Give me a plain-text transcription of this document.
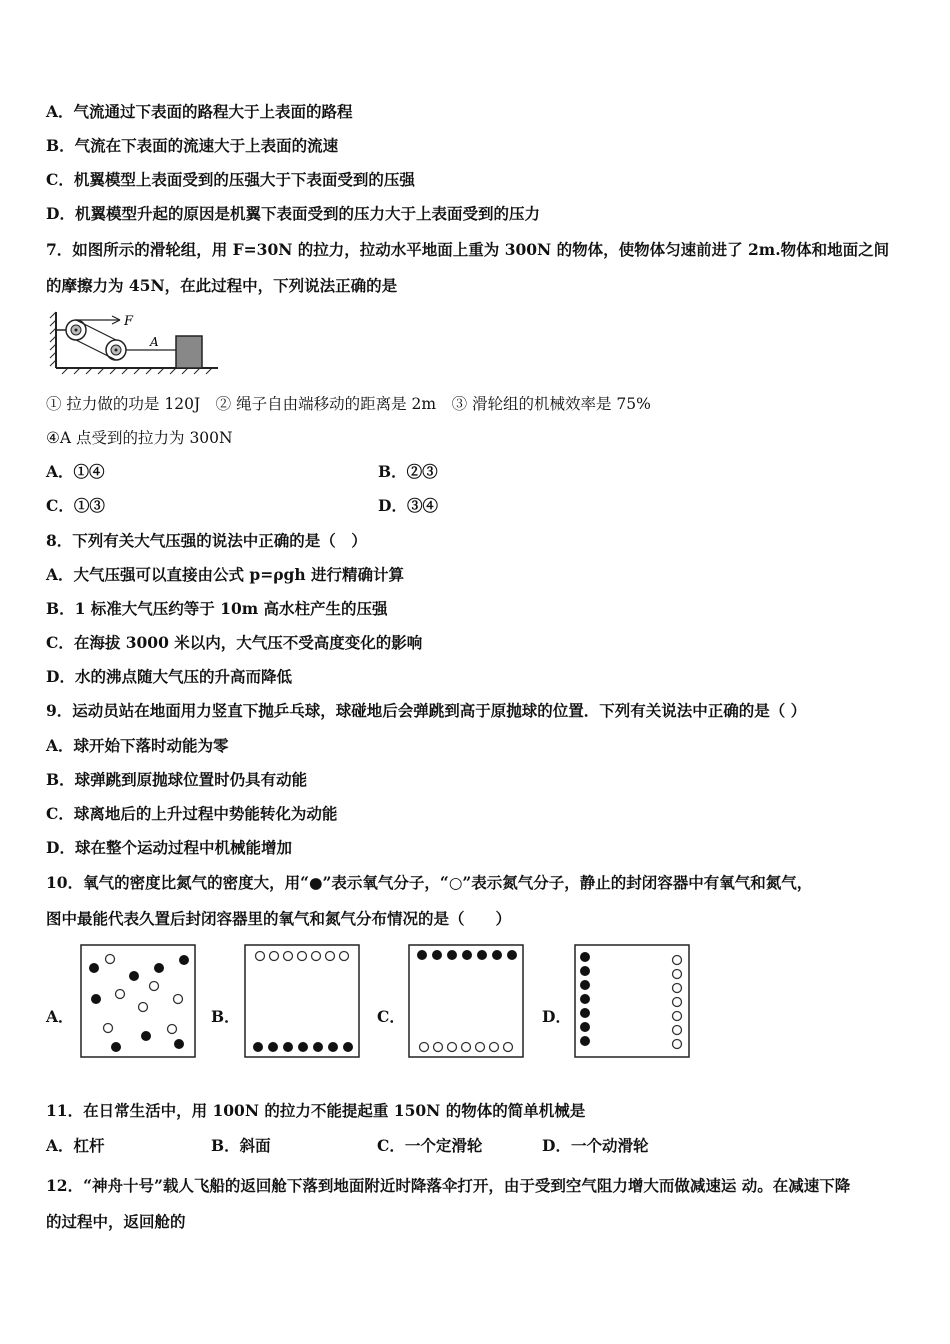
A．气流通过下表面的路程大于上表面的路程
B．气流在下表面的流速大于上表面的流速
C．机翼模型上表面受到的压强大于下表面受到的压强
D．机翼模型升起的原因是机翼下表面受到的压力大于上表面受到的压力
7．如图所示的滑轮组，用 F=30N 的拉力，拉动水平地面上重为 300N 的物体，使物体匀速前进了 2m.物体和地面之间
的摩擦力为 45N，在此过程中，下列说法正确的是
F
A
① 拉力做的功是 120J　② 绳子自由端移动的距离是 2m　③ 滑轮组的机械效率是 75%
④A 点受到的拉力为 300N
A．①④	B．②③
C．①③	D．③④
8．下列有关大气压强的说法中正确的是（　）
A．大气压强可以直接由公式 p=ρgh 进行精确计算
B．1 标准大气压约等于 10m 高水柱产生的压强
C．在海拔 3000 米以内，大气压不受高度变化的影响
D．水的沸点随大气压的升高而降低
9．运动员站在地面用力竖直下抛乒乓球，球碰地后会弹跳到高于原抛球的位置．下列有关说法中正确的是（ ）
A．球开始下落时动能为零
B．球弹跳到原抛球位置时仍具有动能
C．球离地后的上升过程中势能转化为动能
D．球在整个运动过程中机械能增加
10．氧气的密度比氮气的密度大，用“●”表示氧气分子，“○”表示氮气分子，静止的封闭容器中有氧气和氮气，
图中最能代表久置后封闭容器里的氧气和氮气分布情况的是（　　）
A．	B．	C．	D．
11．在日常生活中，用 100N 的拉力不能提起重 150N 的物体的简单机械是
A．杠杆	B．斜面	C．一个定滑轮	D．一个动滑轮
12．“神舟十号”载人飞船的返回舱下落到地面附近时降落伞打开，由于受到空气阻力增大而做减速运 动。在减速下降
的过程中，返回舱的
